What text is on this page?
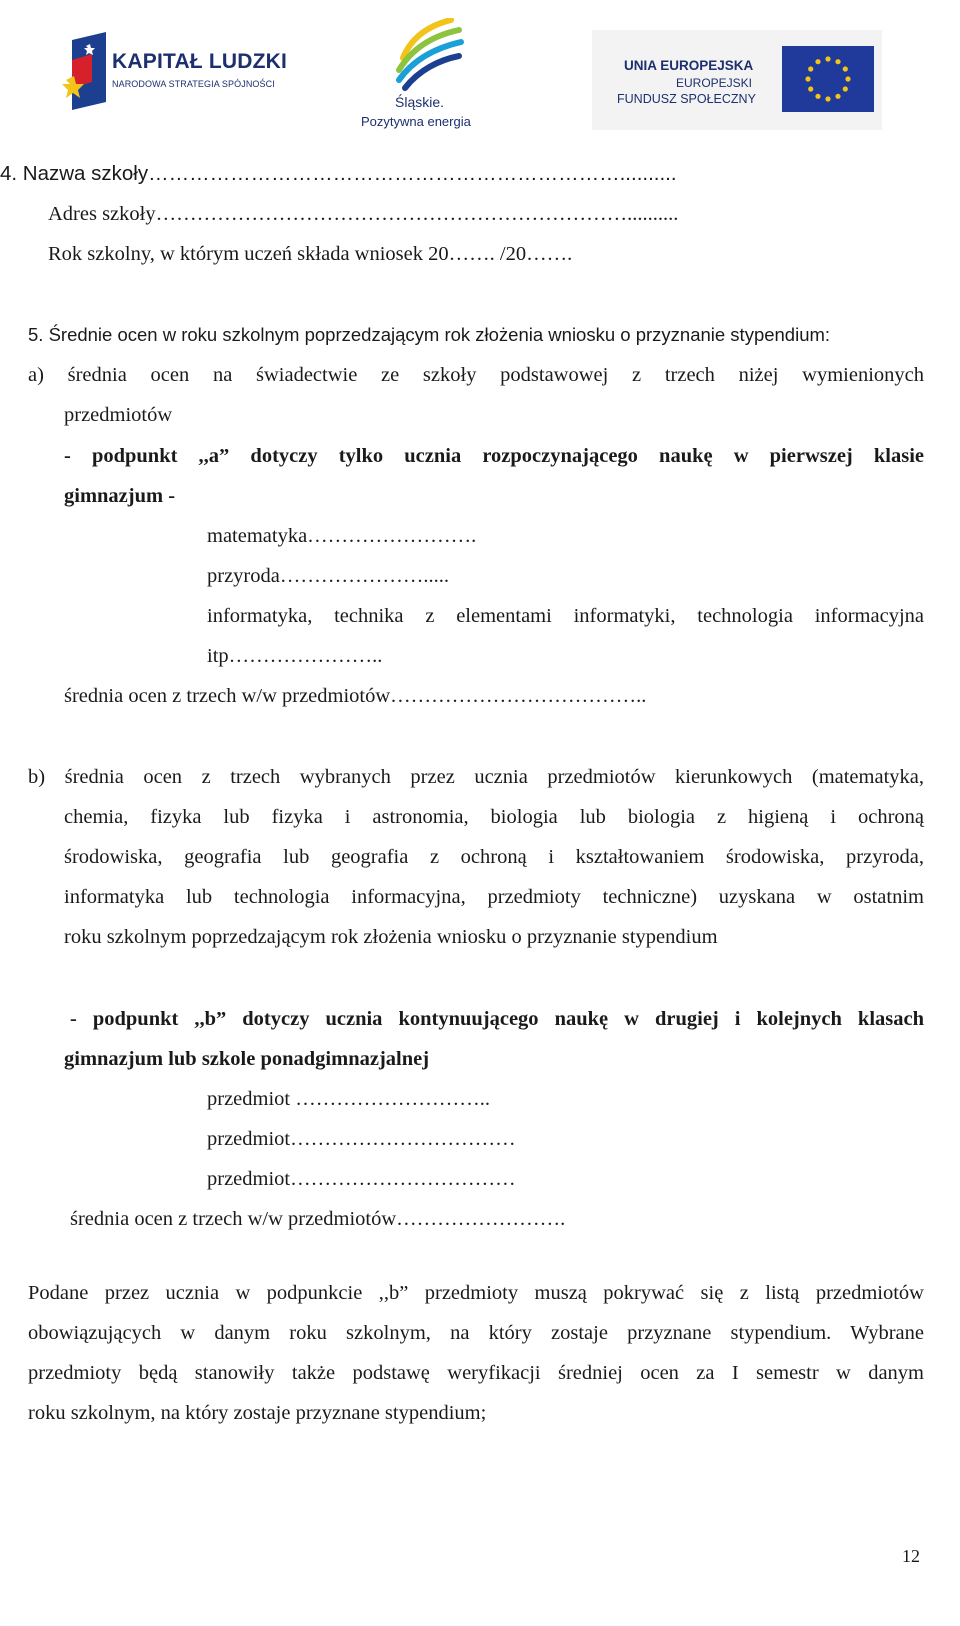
KAPITAŁ LUDZKI
NARODOWA STRATEGIA SPÓJNOŚCI
Śląskie.
Pozytywna energia
UNIA EUROPEJSKA
EUROPEJSKI
FUNDUSZ SPOŁECZNY
4. Nazwa szkoły……………………………………………………………..........
Adres szkoły……………………………………………………………..........
Rok szkolny, w którym uczeń składa wniosek 20……. /20…….
5. Średnie ocen w roku szkolnym poprzedzającym rok złożenia wniosku o przyznanie stypendium:
a) średnia ocen na świadectwie ze szkoły podstawowej z trzech niżej wymienionych
przedmiotów
- podpunkt ,,a” dotyczy tylko ucznia rozpoczynającego naukę w pierwszej klasie
gimnazjum -
matematyka…………………….
przyroda………………….....
informatyka, technika z elementami informatyki, technologia informacyjna
itp…………………..
średnia ocen z trzech w/w przedmiotów………………………………..
b) średnia ocen z trzech wybranych przez ucznia przedmiotów kierunkowych (matematyka,
chemia, fizyka lub fizyka i astronomia, biologia lub biologia z higieną i ochroną
środowiska, geografia lub geografia z ochroną i kształtowaniem środowiska, przyroda,
informatyka lub technologia informacyjna, przedmioty techniczne) uzyskana w ostatnim
roku szkolnym poprzedzającym rok złożenia wniosku o przyznanie stypendium
- podpunkt ,,b” dotyczy ucznia kontynuującego naukę w drugiej i kolejnych klasach
gimnazjum lub szkole ponadgimnazjalnej
przedmiot ………………………..
przedmiot……………………………
przedmiot……………………………
średnia ocen z trzech w/w przedmiotów…………………….
Podane przez ucznia w podpunkcie ,,b” przedmioty muszą pokrywać się z listą przedmiotów
obowiązujących w danym roku szkolnym, na który zostaje przyznane stypendium. Wybrane
przedmioty będą stanowiły także podstawę weryfikacji średniej ocen za I semestr w danym
roku szkolnym, na który zostaje przyznane stypendium;
12
